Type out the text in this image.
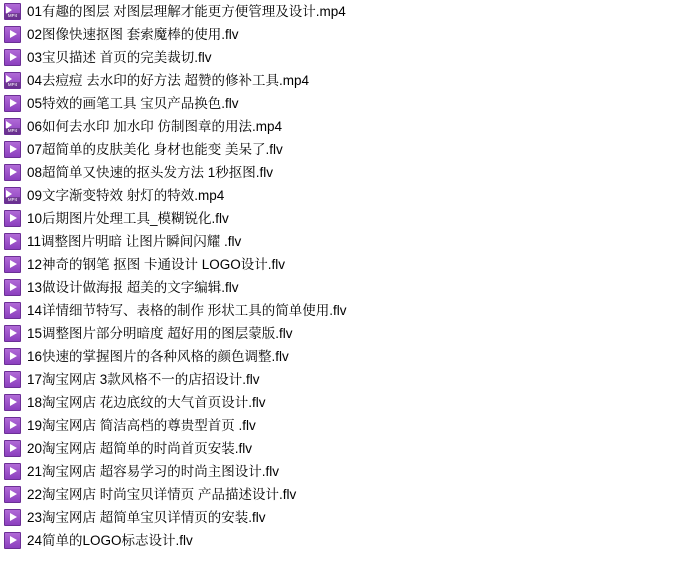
MP4
01有趣的图层 对图层理解才能更方便管理及设计.mp4
02图像快速抠图 套索魔棒的使用.flv
03宝贝描述 首页的完美裁切.flv
MP4
04去痘痘 去水印的好方法 超赞的修补工具.mp4
05特效的画笔工具 宝贝产品换色.flv
MP4
06如何去水印 加水印 仿制图章的用法.mp4
07超简单的皮肤美化 身材也能变 美呆了.flv
08超简单又快速的抠头发方法 1秒抠图.flv
MP4
09文字渐变特效 射灯的特效.mp4
10后期图片处理工具_模糊锐化.flv
11调整图片明暗 让图片瞬间闪耀 .flv
12神奇的钢笔 抠图 卡通设计 LOGO设计.flv
13做设计做海报 超美的文字编辑.flv
14详情细节特写、表格的制作 形状工具的简单使用.flv
15调整图片部分明暗度 超好用的图层蒙版.flv
16快速的掌握图片的各种风格的颜色调整.flv
17淘宝网店 3款风格不一的店招设计.flv
18淘宝网店 花边底纹的大气首页设计.flv
19淘宝网店 简洁高档的尊贵型首页 .flv
20淘宝网店 超简单的时尚首页安装.flv
21淘宝网店 超容易学习的时尚主图设计.flv
22淘宝网店 时尚宝贝详情页 产品描述设计.flv
23淘宝网店 超简单宝贝详情页的安装.flv
24简单的LOGO标志设计.flv
